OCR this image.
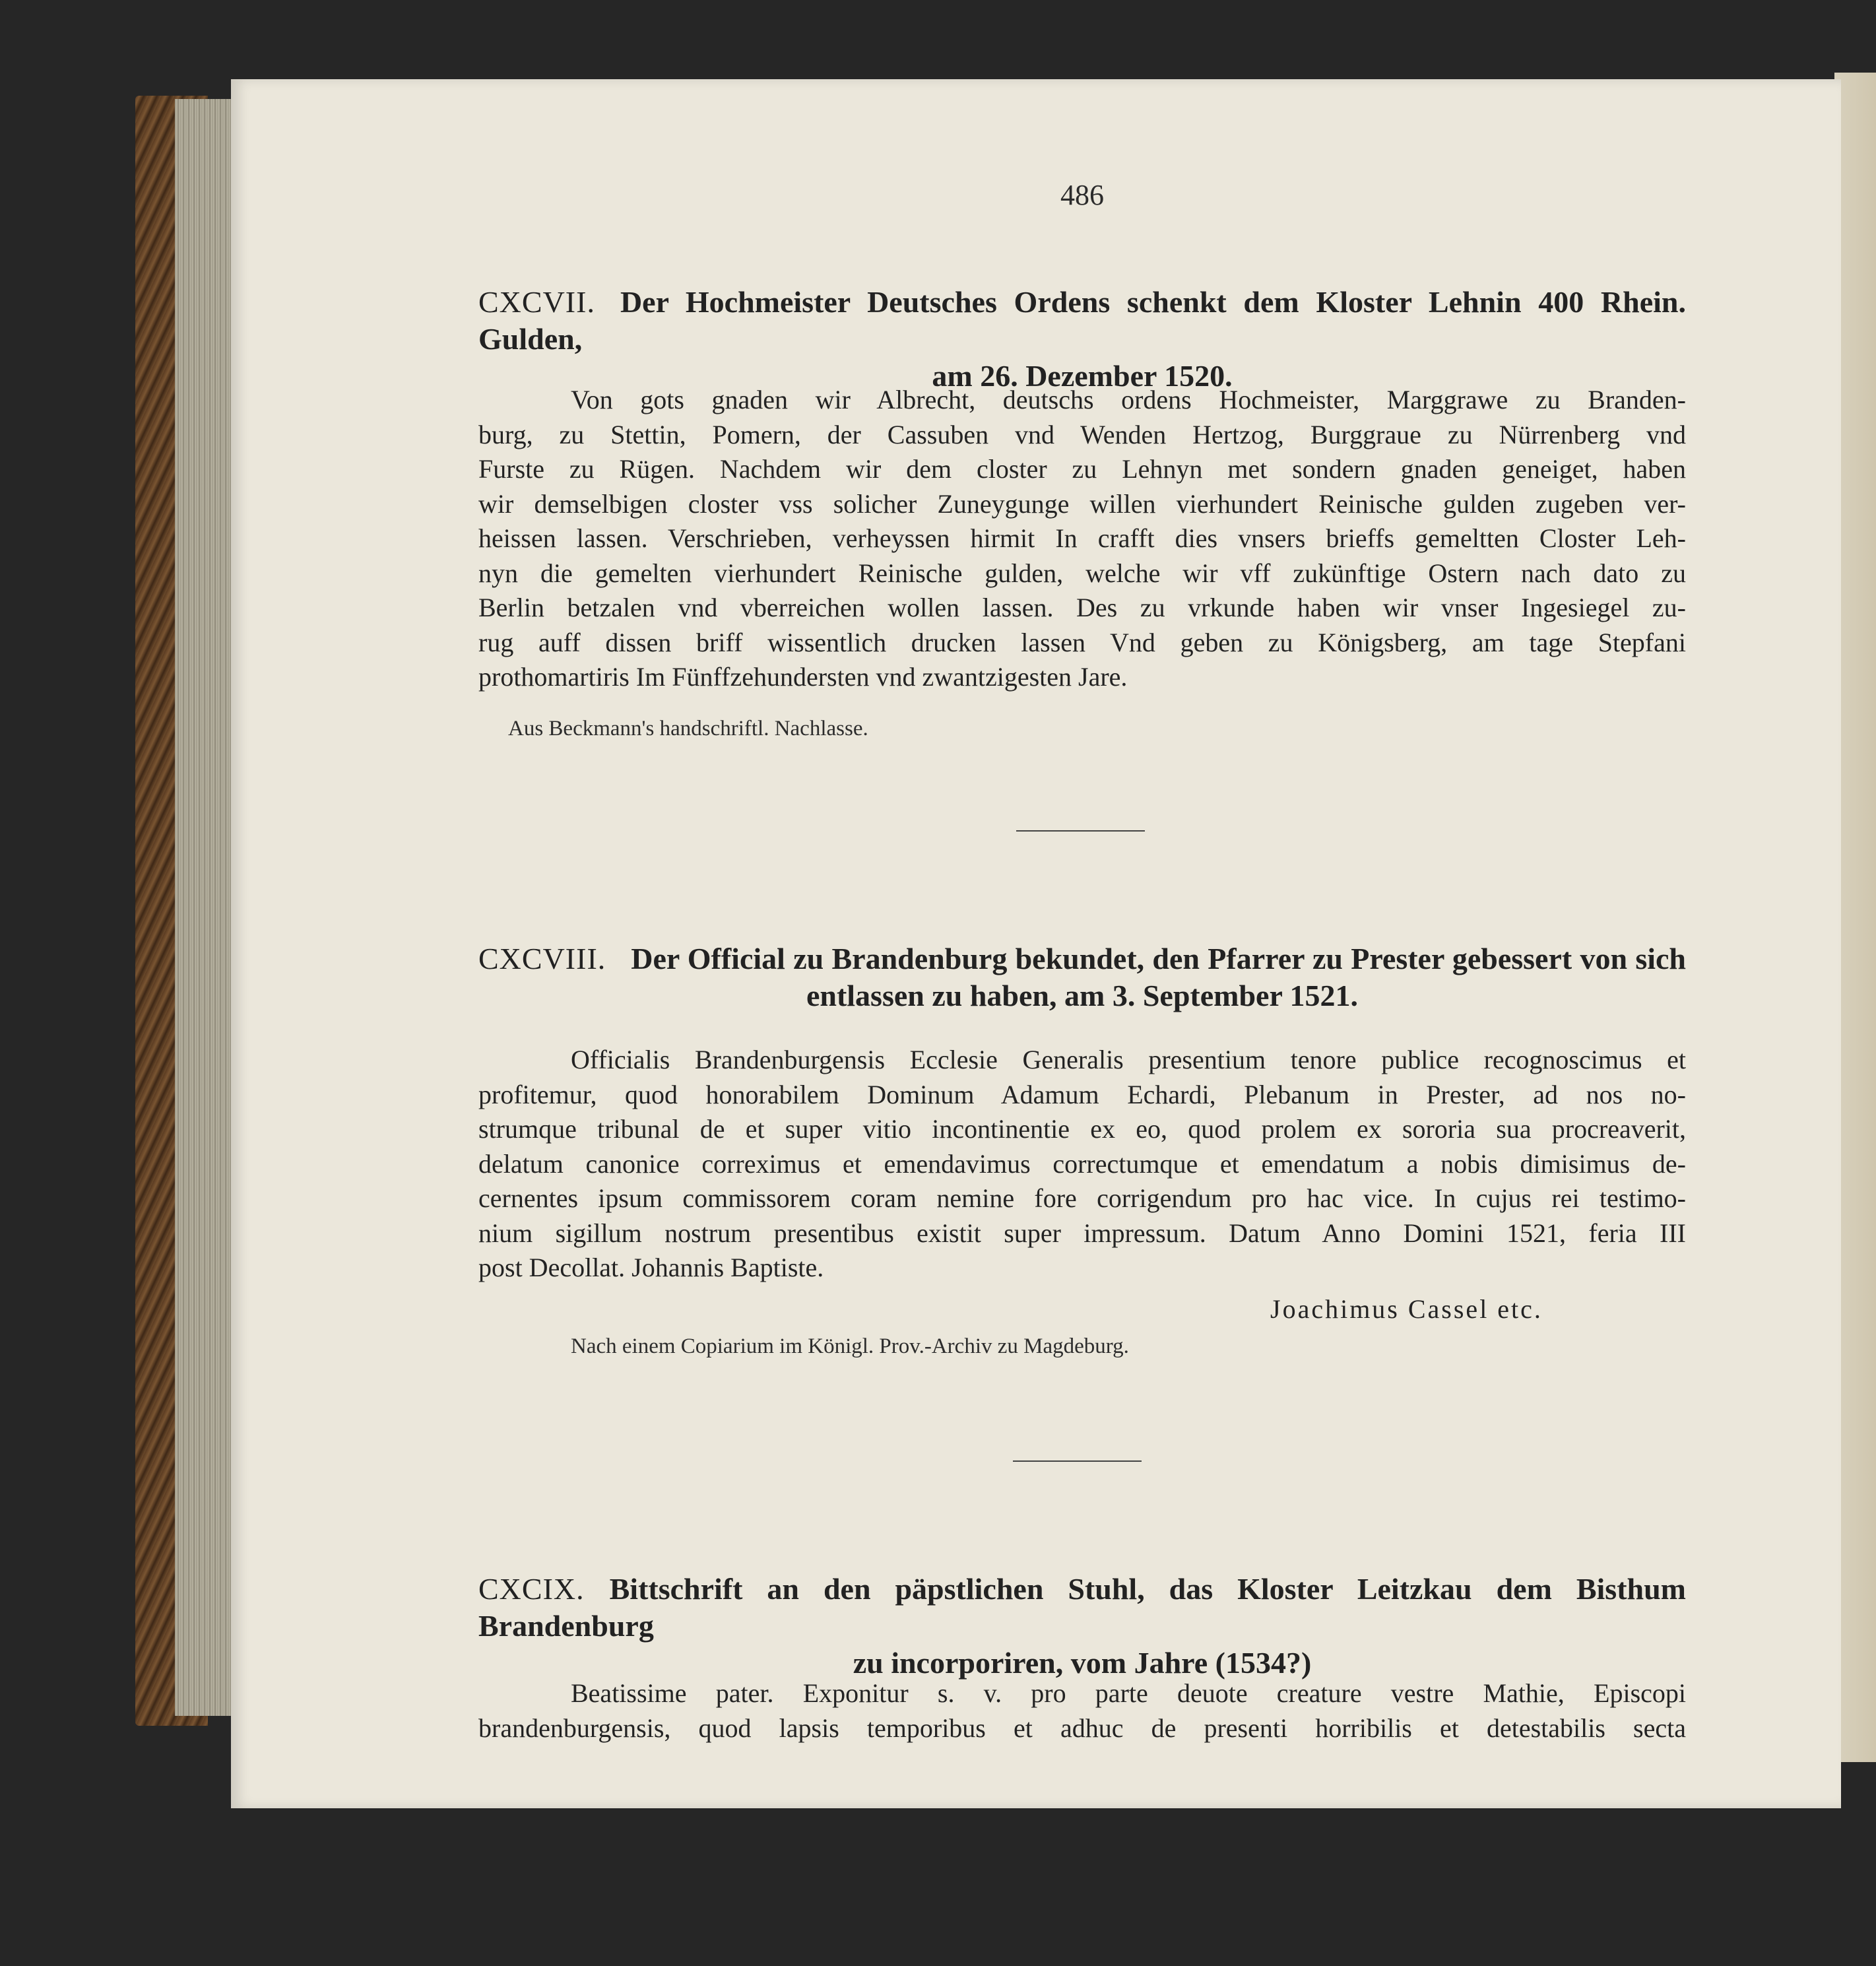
486
CXCVII. Der Hochmeister Deutsches Ordens schenkt dem Kloster Lehnin 400 Rhein. Gulden,
am 26. Dezember 1520.
Von gots gnaden wir Albrecht, deutschs ordens Hochmeister, Marggrawe zu Branden-
burg, zu Stettin, Pomern, der Cassuben vnd Wenden Hertzog, Burggraue zu Nürrenberg vnd
Furste zu Rügen. Nachdem wir dem closter zu Lehnyn met sondern gnaden geneiget, haben
wir demselbigen closter vss solicher Zuneygunge willen vierhundert Reinische gulden zugeben ver-
heissen lassen. Verschrieben, verheyssen hirmit In crafft dies vnsers brieffs gemeltten Closter Leh-
nyn die gemelten vierhundert Reinische gulden, welche wir vff zukünftige Ostern nach dato zu
Berlin betzalen vnd vberreichen wollen lassen. Des zu vrkunde haben wir vnser Ingesiegel zu-
rug auff dissen briff wissentlich drucken lassen Vnd geben zu Königsberg, am tage Stepfani
prothomartiris Im Fünffzehundersten vnd zwantzigesten Jare.
Aus Beckmann's handschriftl. Nachlasse.
CXCVIII. Der Official zu Brandenburg bekundet, den Pfarrer zu Prester gebessert von sich
entlassen zu haben, am 3. September 1521.
Officialis Brandenburgensis Ecclesie Generalis presentium tenore publice recognoscimus et
profitemur, quod honorabilem Dominum Adamum Echardi, Plebanum in Prester, ad nos no-
strumque tribunal de et super vitio incontinentie ex eo, quod prolem ex sororia sua procreaverit,
delatum canonice correximus et emendavimus correctumque et emendatum a nobis dimisimus de-
cernentes ipsum commissorem coram nemine fore corrigendum pro hac vice. In cujus rei testimo-
nium sigillum nostrum presentibus existit super impressum. Datum Anno Domini 1521, feria III
post Decollat. Johannis Baptiste.
Joachimus Cassel etc.
Nach einem Copiarium im Königl. Prov.-Archiv zu Magdeburg.
CXCIX. Bittschrift an den päpstlichen Stuhl, das Kloster Leitzkau dem Bisthum Brandenburg
zu incorporiren, vom Jahre (1534?)
Beatissime pater. Exponitur s. v. pro parte deuote creature vestre Mathie, Episcopi
brandenburgensis, quod lapsis temporibus et adhuc de presenti horribilis et detestabilis secta
